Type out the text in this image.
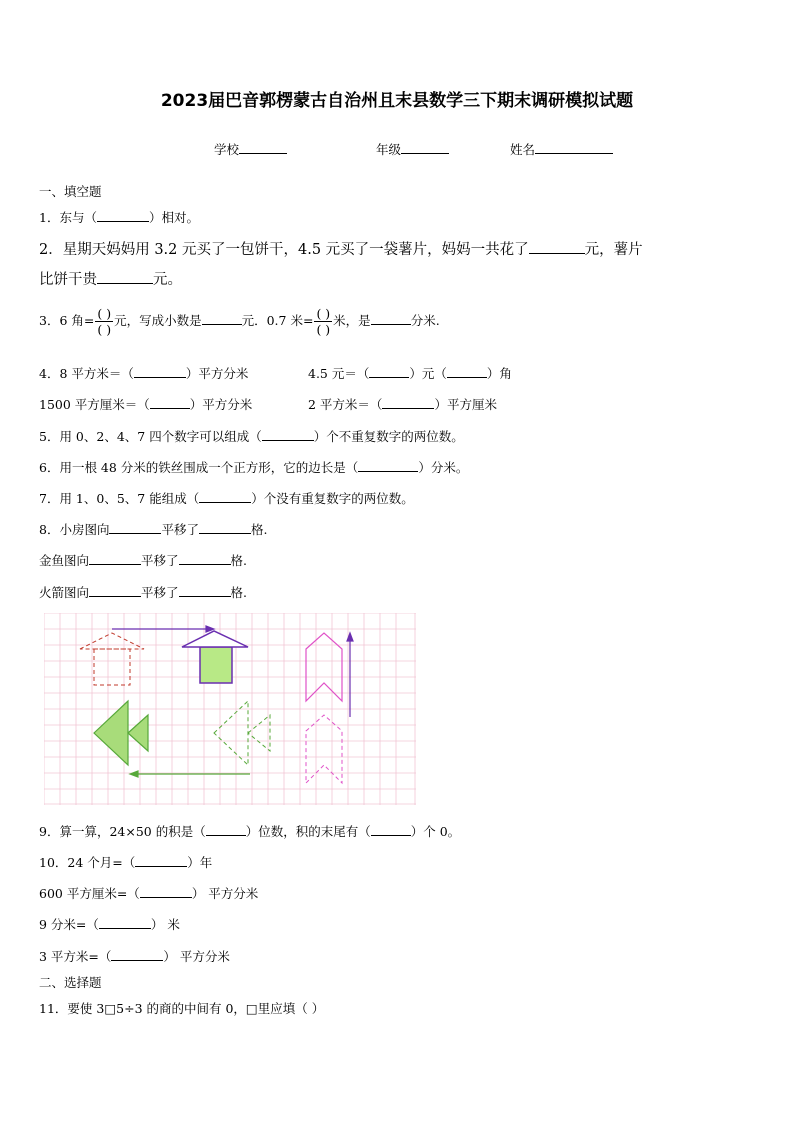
2023届巴音郭楞蒙古自治州且末县数学三下期末调研模拟试题
学校	年级	姓名
一、填空题
1．东与（	）相对。
2．星期天妈妈用 3.2 元买了一包饼干，4.5 元买了一袋薯片，妈妈一共花了	元，薯片
比饼干贵	元。
3．6 角= $\frac{( )}{( )}$ 元，写成小数是	元．0.7 米= $\frac{( )}{( )}$ 米，是	分米.
4．8 平方米＝（	）平方分米	4.5 元＝（	）元（	）角
1500 平方厘米＝（	）平方分米	2 平方米＝（	）平方厘米
5．用 0、2、4、7 四个数字可以组成（	）个不重复数字的两位数。
6．用一根 48 分米的铁丝围成一个正方形，它的边长是（	）分米。
7．用 1、0、5、7 能组成（	）个没有重复数字的两位数。
8．小房图向	平移了	格.
金鱼图向	平移了	格.
火箭图向	平移了	格.
9．算一算，24×50 的积是（	）位数，积的末尾有（	）个 0。
10．24 个月=（	）年
600 平方厘米=（	） 平方分米
9 分米=（	） 米
3 平方米=（	） 平方分米
二、选择题
11．要使 3□5÷3 的商的中间有 0，□里应填（ ）
